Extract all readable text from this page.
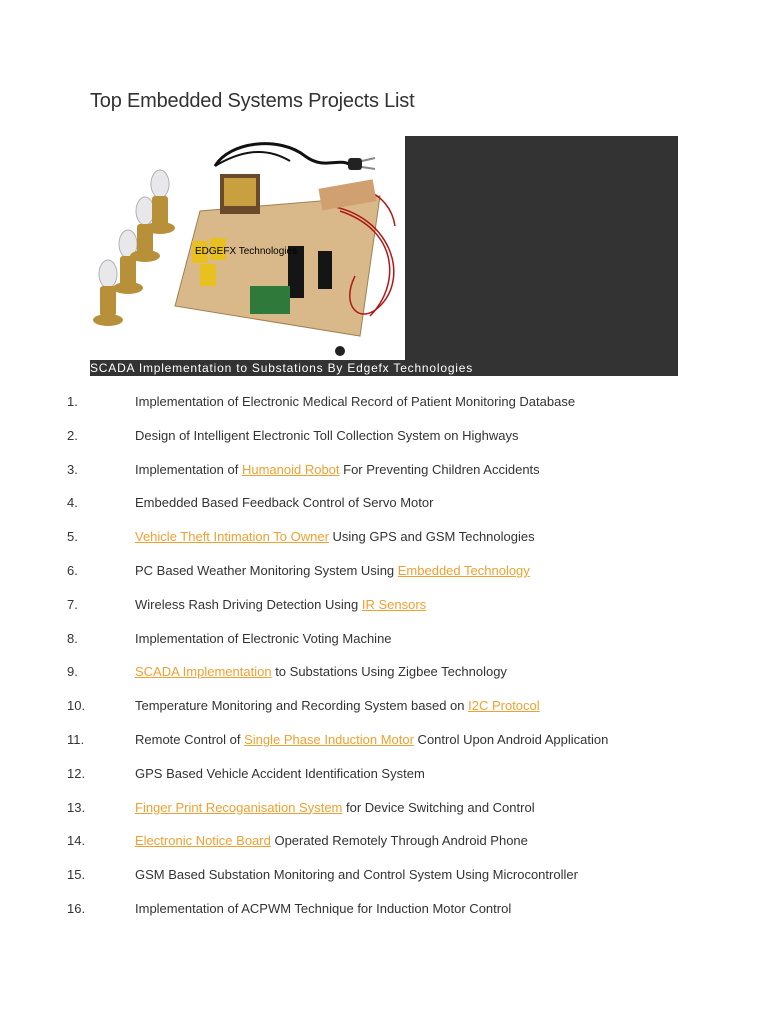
Top Embedded Systems Projects List
EDGEFX Technologies
SCADA Implementation to Substations By Edgefx Technologies
1.	Implementation of Electronic Medical Record of Patient Monitoring Database
2.	Design of Intelligent Electronic Toll Collection System on Highways
3.	Implementation of Humanoid Robot For Preventing Children Accidents
4.	Embedded Based Feedback Control of Servo Motor
5.	Vehicle Theft Intimation To Owner Using GPS and GSM Technologies
6.	PC Based Weather Monitoring System Using Embedded Technology
7.	Wireless Rash Driving Detection Using IR Sensors
8.	Implementation of Electronic Voting Machine
9.	SCADA Implementation to Substations Using Zigbee Technology
10.	Temperature Monitoring and Recording System based on I2C Protocol
11.	Remote Control of Single Phase Induction Motor Control Upon Android Application
12.	GPS Based Vehicle Accident Identification System
13.	Finger Print Recoganisation System for Device Switching and Control
14.	Electronic Notice Board Operated Remotely Through Android Phone
15.	GSM Based Substation Monitoring and Control System Using Microcontroller
16.	Implementation of ACPWM Technique for Induction Motor Control
